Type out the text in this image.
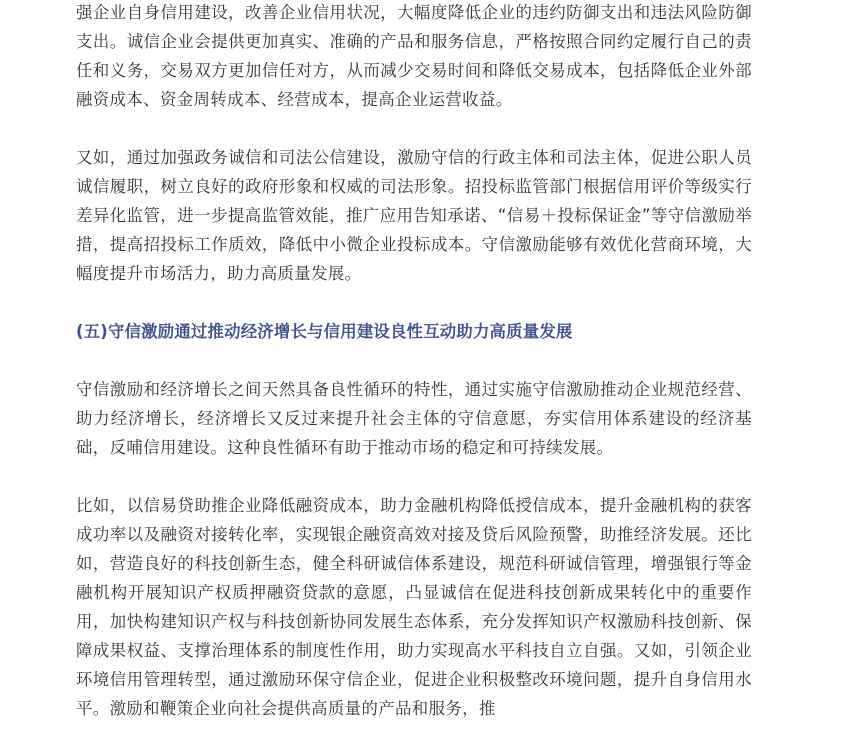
强企业自身信用建设，改善企业信用状况，大幅度降低企业的违约防御支出和违法风险防御支出。诚信企业会提供更加真实、准确的产品和服务信息，严格按照合同约定履行自己的责任和义务，交易双方更加信任对方，从而减少交易时间和降低交易成本，包括降低企业外部融资成本、资金周转成本、经营成本，提高企业运营收益。

又如，通过加强政务诚信和司法公信建设，激励守信的行政主体和司法主体，促进公职人员诚信履职，树立良好的政府形象和权威的司法形象。招投标监管部门根据信用评价等级实行差异化监管，进一步提高监管效能，推广应用告知承诺、“信易＋投标保证金”等守信激励举措，提高招投标工作质效，降低中小微企业投标成本。守信激励能够有效优化营商环境，大幅度提升市场活力，助力高质量发展。

(五)守信激励通过推动经济增长与信用建设良性互动助力高质量发展

守信激励和经济增长之间天然具备良性循环的特性，通过实施守信激励推动企业规范经营、助力经济增长，经济增长又反过来提升社会主体的守信意愿，夯实信用体系建设的经济基础，反哺信用建设。这种良性循环有助于推动市场的稳定和可持续发展。

比如，以信易贷助推企业降低融资成本，助力金融机构降低授信成本，提升金融机构的获客成功率以及融资对接转化率，实现银企融资高效对接及贷后风险预警，助推经济发展。还比如，营造良好的科技创新生态，健全科研诚信体系建设，规范科研诚信管理，增强银行等金融机构开展知识产权质押融资贷款的意愿，凸显诚信在促进科技创新成果转化中的重要作用，加快构建知识产权与科技创新协同发展生态体系，充分发挥知识产权激励科技创新、保障成果权益、支撑治理体系的制度性作用，助力实现高水平科技自立自强。又如，引领企业环境信用管理转型，通过激励环保守信企业，促进企业积极整改环境问题，提升自身信用水平。激励和鞭策企业向社会提供高质量的产品和服务，推
